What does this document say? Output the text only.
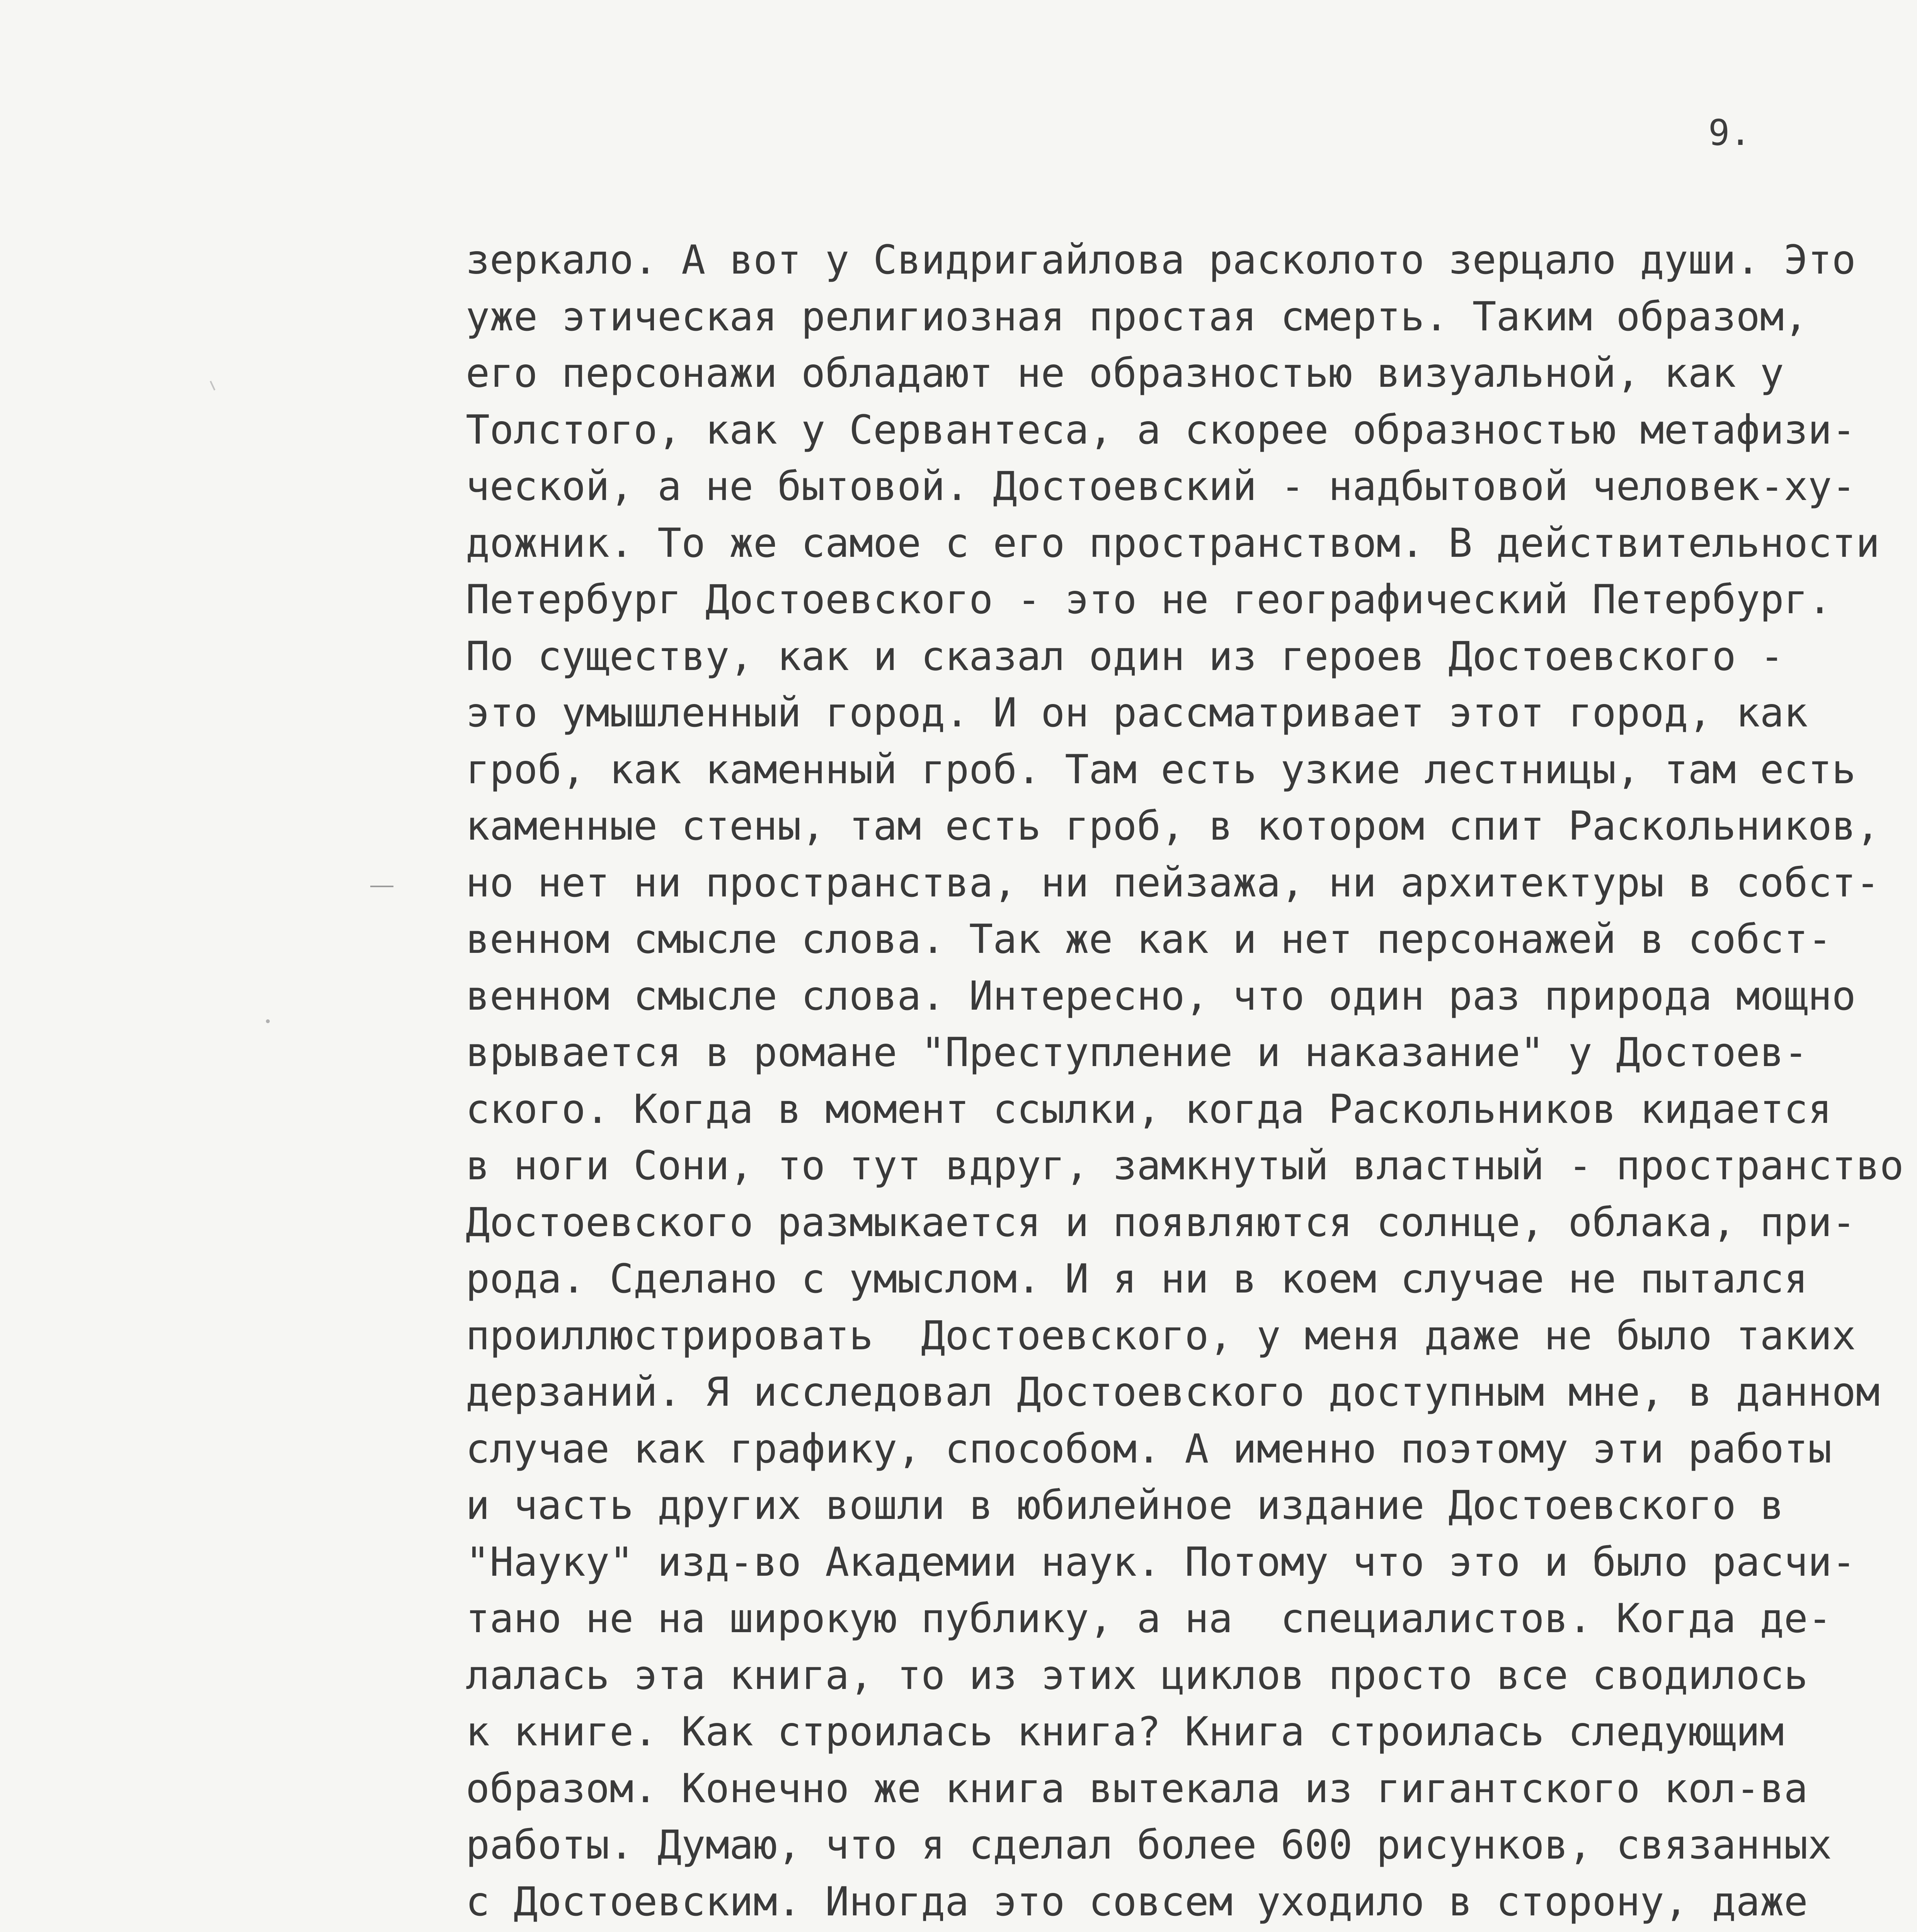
9.
зеркало. А вот у Свидригайлова расколото зерцало души. Это
уже этическая религиозная простая смерть. Таким образом,
его персонажи обладают не образностью визуальной, как у
Толстого, как у Сервантеса, а скорее образностью метафизи-
ческой, а не бытовой. Достоевский - надбытовой человек-ху-
дожник. То же самое с его пространством. В действительности
Петербург Достоевского - это не географический Петербург.
По существу, как и сказал один из героев Достоевского -
это умышленный город. И он рассматривает этот город, как
гроб, как каменный гроб. Там есть узкие лестницы, там есть
каменные стены, там есть гроб, в котором спит Раскольников,
но нет ни пространства, ни пейзажа, ни архитектуры в собст-
венном смысле слова. Так же как и нет персонажей в собст-
венном смысле слова. Интересно, что один раз природа мощно
врывается в романе "Преступление и наказание" у Достоев-
ского. Когда в момент ссылки, когда Раскольников кидается
в ноги Сони, то тут вдруг, замкнутый властный - пространство
Достоевского размыкается и появляются солнце, облака, при-
рода. Сделано с умыслом. И я ни в коем случае не пытался
проиллюстрировать  Достоевского, у меня даже не было таких
дерзаний. Я исследовал Достоевского доступным мне, в данном
случае как графику, способом. А именно поэтому эти работы
и часть других вошли в юбилейное издание Достоевского в
"Науку" изд-во Академии наук. Потому что это и было расчи-
тано не на широкую публику, а на  специалистов. Когда де-
лалась эта книга, то из этих циклов просто все сводилось
к книге. Как строилась книга? Книга строилась следующим
образом. Конечно же книга вытекала из гигантского кол-ва
работы. Думаю, что я сделал более 600 рисунков, связанных
с Достоевским. Иногда это совсем уходило в сторону, даже
